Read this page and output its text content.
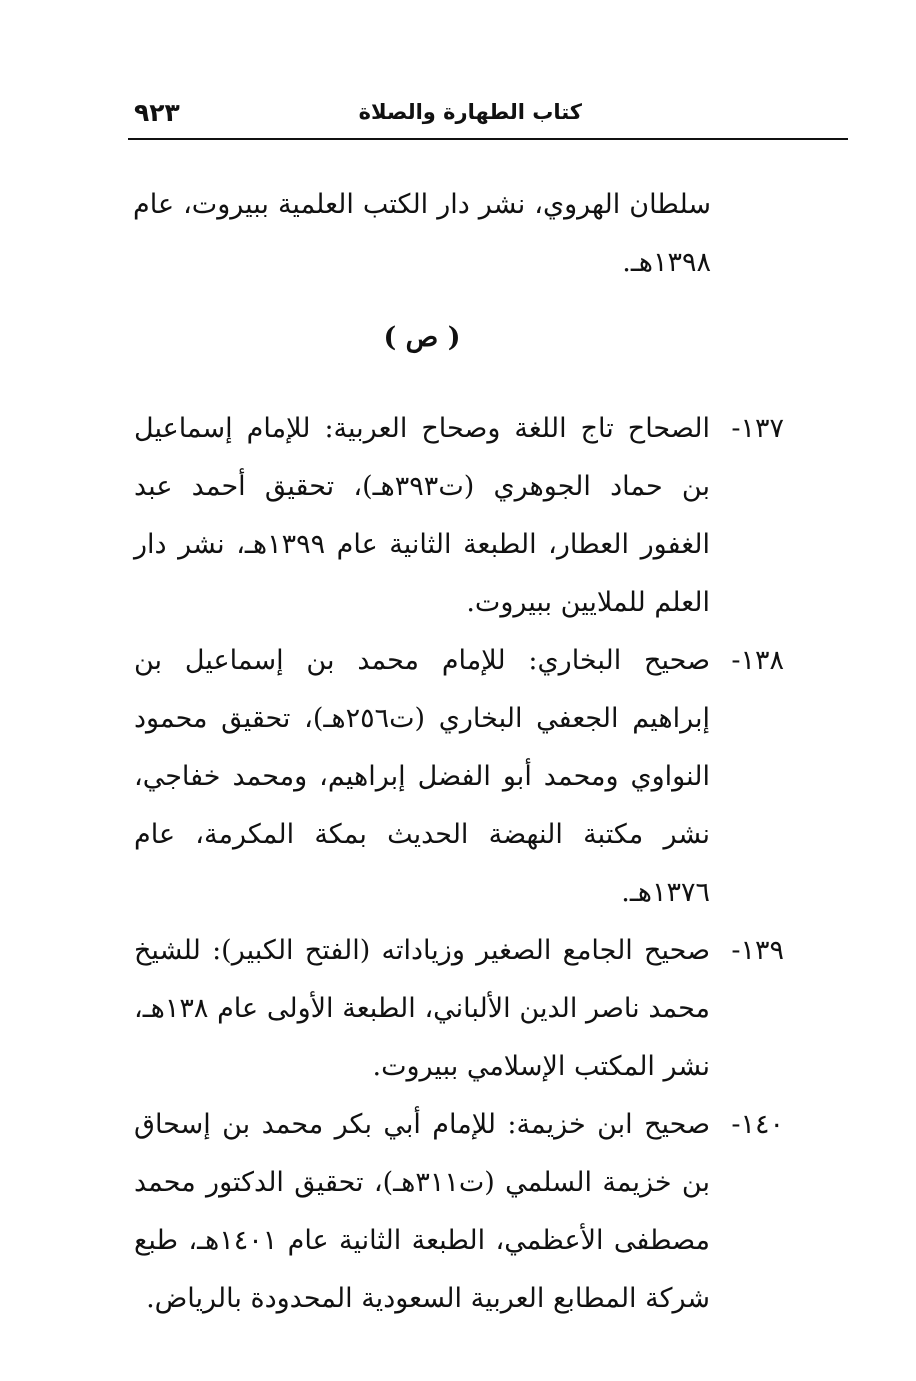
٩٢٣	كتاب الطهارة والصلاة
سلطان الهروي، نشر دار الكتب العلمية ببيروت، عام ١٣٩٨هـ.
( ص )
١٣٧-
الصحاح تاج اللغة وصحاح العربية: للإمام إسماعيل بن حماد الجوهري (ت٣٩٣هـ)، تحقيق أحمد عبد الغفور العطار، الطبعة الثانية عام ١٣٩٩هـ، نشر دار العلم للملايين ببيروت.
١٣٨-
صحيح البخاري: للإمام محمد بن إسماعيل بن إبراهيم الجعفي البخاري (ت٢٥٦هـ)، تحقيق محمود النواوي ومحمد أبو الفضل إبراهيم، ومحمد خفاجي، نشر مكتبة النهضة الحديث بمكة المكرمة، عام ١٣٧٦هـ.
١٣٩-
صحيح الجامع الصغير وزياداته (الفتح الكبير): للشيخ محمد ناصر الدين الألباني، الطبعة الأولى عام ١٣٨هـ، نشر المكتب الإسلامي ببيروت.
١٤٠-
صحيح ابن خزيمة: للإمام أبي بكر محمد بن إسحاق بن خزيمة السلمي (ت٣١١هـ)، تحقيق الدكتور محمد مصطفى الأعظمي، الطبعة الثانية عام ١٤٠١هـ، طبع شركة المطابع العربية السعودية المحدودة بالرياض.
